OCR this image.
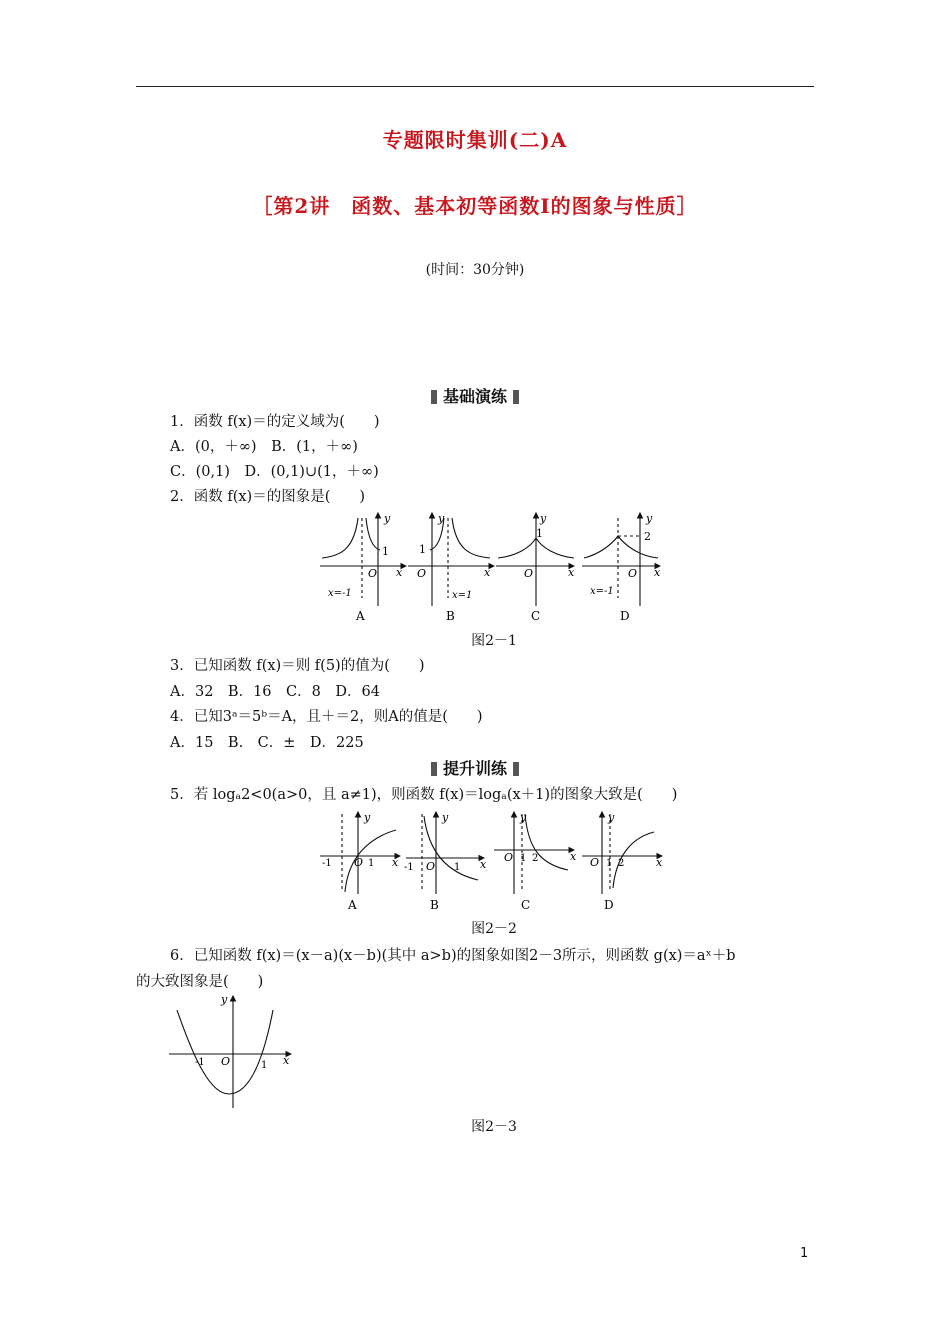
专题限时集训(二)A
［第2讲　函数、基本初等函数Ⅰ的图象与性质］
(时间：30分钟)
基础演练
1．函数 f(x)＝的定义域为(　　)
A．(0，＋∞)　B．(1，＋∞)
C．(0,1)　D．(0,1)∪(1，＋∞)
2．函数 f(x)＝的图象是(　　)
y
x
O
1
x=-1
A
y
x
O
1
x=1
B
y
x
O
1
C
y
x
O
2
x=-1
D
图2－1
3．已知函数 f(x)＝则 f(5)的值为(　　)
A．32　B．16　C．8　D．64
4．已知3ᵃ＝5ᵇ＝A，且＋＝2，则A的值是(　　)
A．15　B.　C．±　D．225
提升训练
5．若 logₐ2<0(a>0，且 a≠1)，则函数 f(x)＝logₐ(x＋1)的图象大致是(　　)
y
x
-1 O 1
A
y
x
-1 O 1
B
y
x
O 1 2
C
y
x
O 1 2
D
图2－2
6．已知函数 f(x)＝(x－a)(x－b)(其中 a>b)的图象如图2－3所示，则函数 g(x)＝aˣ＋b
的大致图象是(　　)
y
x
-1 O	1
图2－3
1
